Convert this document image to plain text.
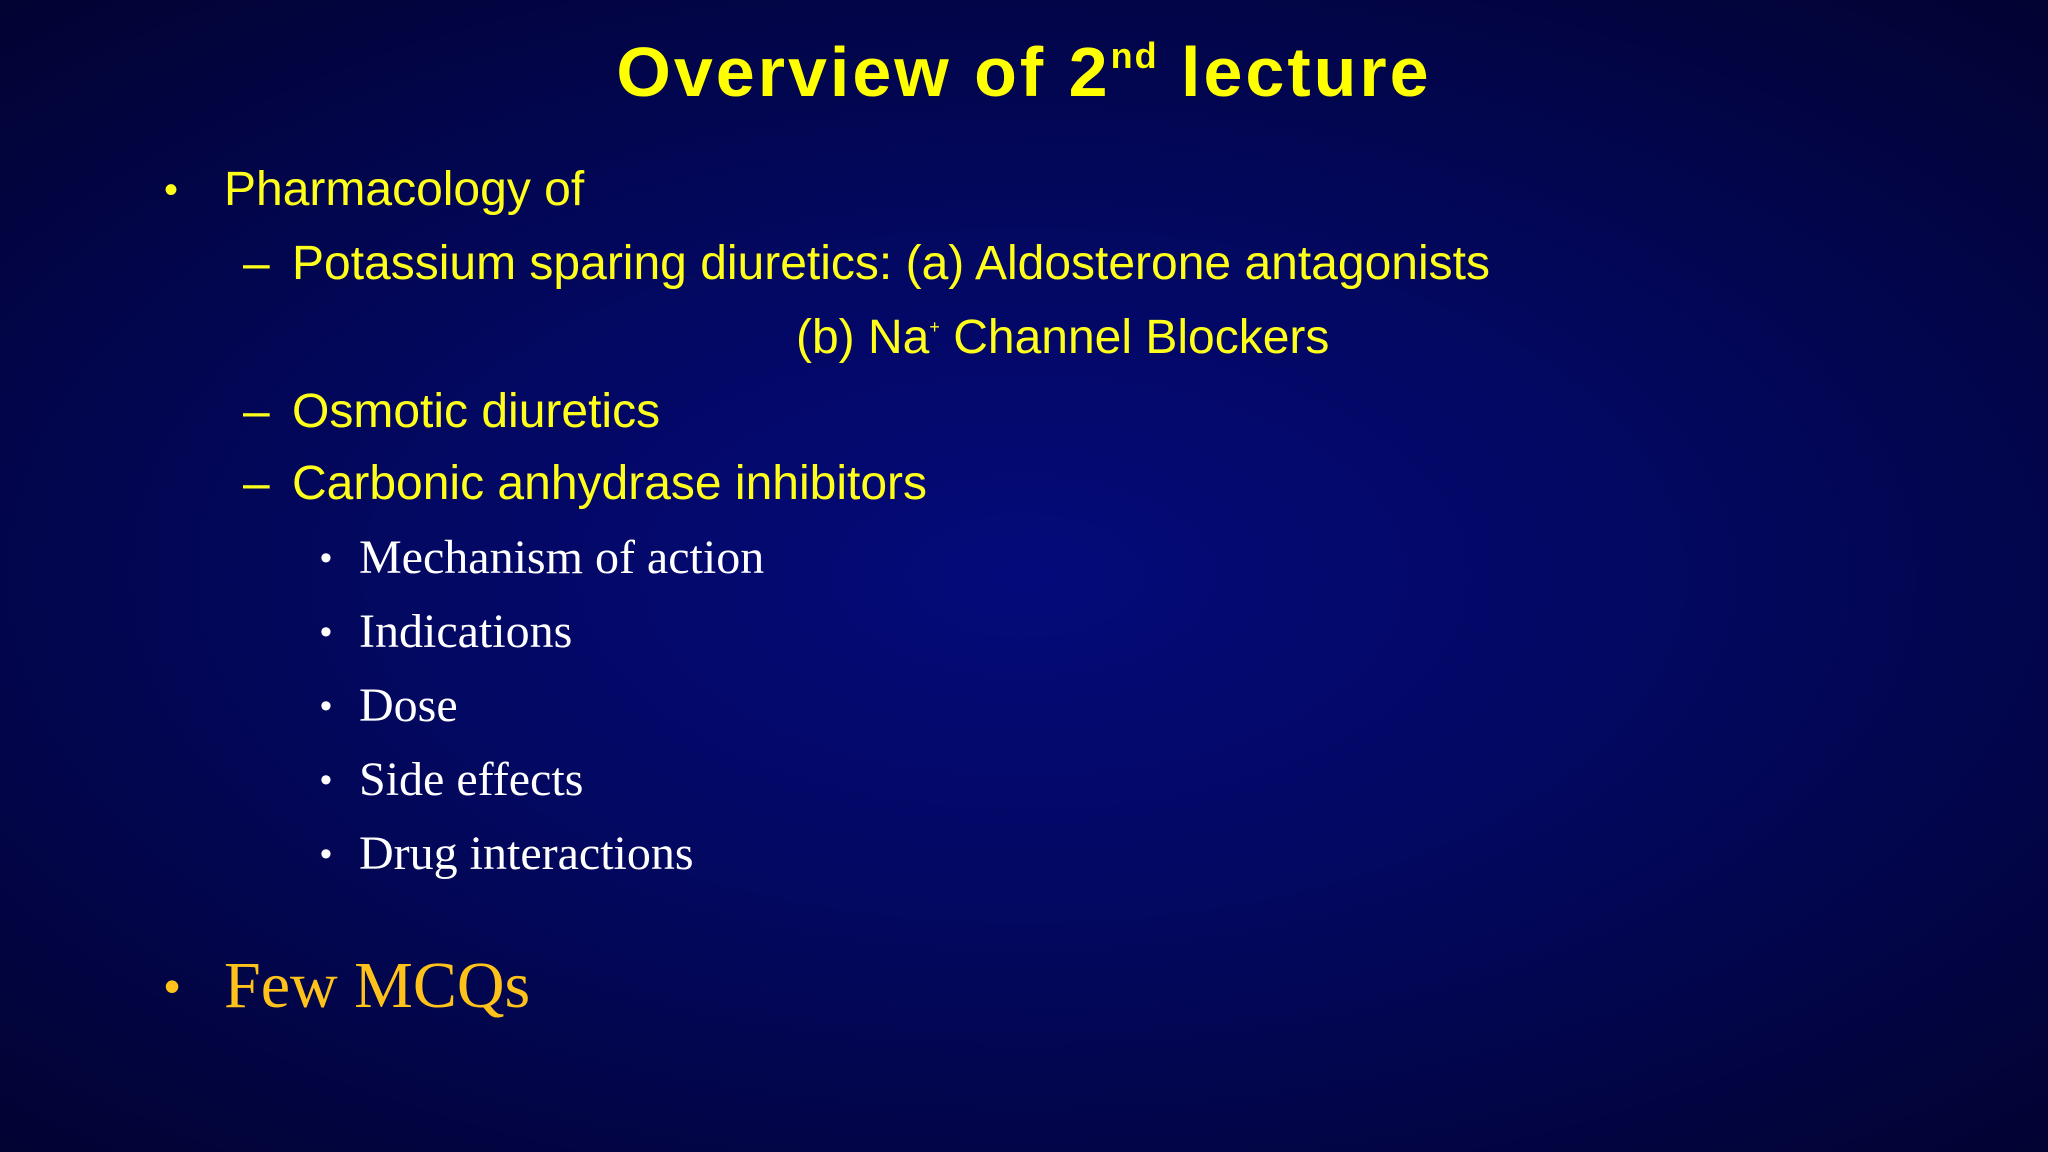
Overview of 2nd lecture
• Pharmacology of
– Potassium sparing diuretics: (a) Aldosterone antagonists
(b) Na+ Channel Blockers
– Osmotic diuretics
– Carbonic anhydrase inhibitors
• Mechanism of action
• Indications
• Dose
• Side effects
• Drug interactions
• Few MCQs
